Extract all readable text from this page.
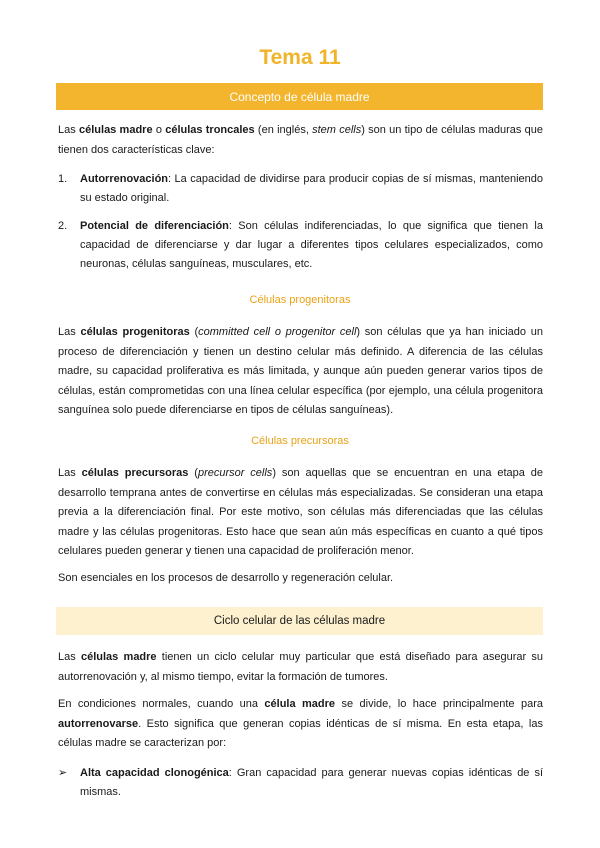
Tema 11
Concepto de célula madre
Las células madre o células troncales (en inglés, stem cells) son un tipo de células maduras que tienen dos características clave:
1.	Autorrenovación: La capacidad de dividirse para producir copias de sí mismas, manteniendo su estado original.
2.	Potencial de diferenciación: Son células indiferenciadas, lo que significa que tienen la capacidad de diferenciarse y dar lugar a diferentes tipos celulares especializados, como neuronas, células sanguíneas, musculares, etc.
Células progenitoras
Las células progenitoras (committed cell o progenitor cell) son células que ya han iniciado un proceso de diferenciación y tienen un destino celular más definido. A diferencia de las células madre, su capacidad proliferativa es más limitada, y aunque aún pueden generar varios tipos de células, están comprometidas con una línea celular específica (por ejemplo, una célula progenitora sanguínea solo puede diferenciarse en tipos de células sanguíneas).
Células precursoras
Las células precursoras (precursor cells) son aquellas que se encuentran en una etapa de desarrollo temprana antes de convertirse en células más especializadas. Se consideran una etapa previa a la diferenciación final. Por este motivo, son células más diferenciadas que las células madre y las células progenitoras. Esto hace que sean aún más específicas en cuanto a qué tipos celulares pueden generar y tienen una capacidad de proliferación menor.
Son esenciales en los procesos de desarrollo y regeneración celular.
Ciclo celular de las células madre
Las células madre tienen un ciclo celular muy particular que está diseñado para asegurar su autorrenovación y, al mismo tiempo, evitar la formación de tumores.
En condiciones normales, cuando una célula madre se divide, lo hace principalmente para autorrenovarse. Esto significa que generan copias idénticas de sí misma. En esta etapa, las células madre se caracterizan por:
➢	Alta capacidad clonogénica: Gran capacidad para generar nuevas copias idénticas de sí mismas.
